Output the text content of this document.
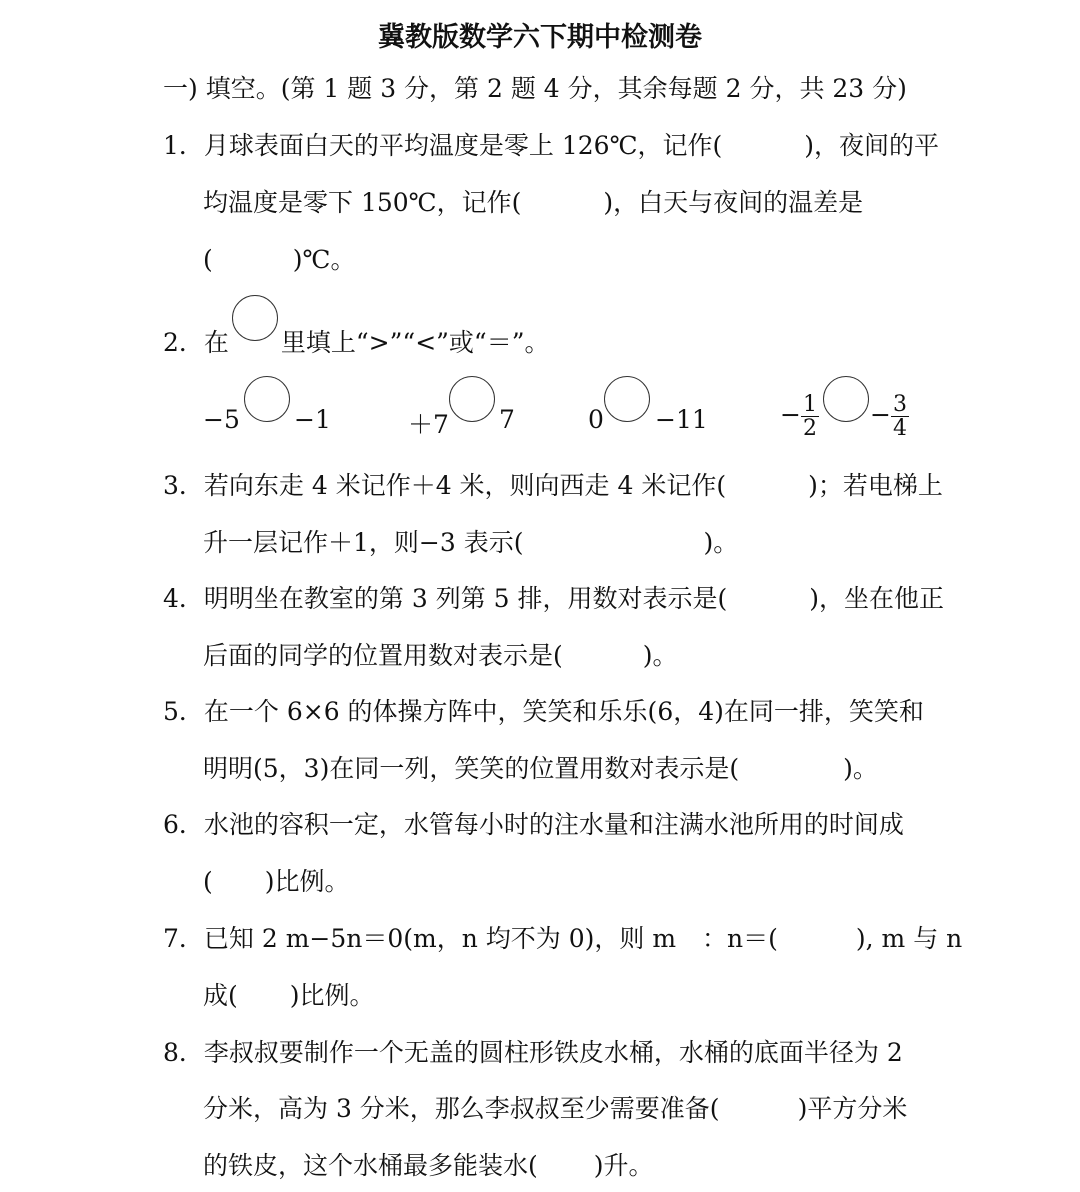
冀教版数学六下期中检测卷
一) 填空。(第 1 题 3 分，第 2 题 4 分，其余每题 2 分，共 23 分)
1．月球表面白天的平均温度是零上 126℃，记作(	)，夜间的平
均温度是零下 150℃，记作(	)，白天与夜间的温差是
(	)℃。
2．在 里填上“>”“<”或“＝”。
−5 −1	＋7 7	0 −11	− $\frac{1}{2} - \frac{3}{4}$
3．若向东走 4 米记作＋4 米，则向西走 4 米记作(	)；若电梯上
升一层记作＋1，则−3 表示(	)。
4．明明坐在教室的第 3 列第 5 排，用数对表示是(	)，坐在他正
后面的同学的位置用数对表示是(	)。
5．在一个 6×6 的体操方阵中，笑笑和乐乐(6，4)在同一排，笑笑和
明明(5，3)在同一列，笑笑的位置用数对表示是(	)。
6．水池的容积一定，水管每小时的注水量和注满水池所用的时间成
( )比例。
7．已知 2 m−5n＝0(m，n 均不为 0)，则 m ：n＝(	), m 与 n
成( )比例。
8．李叔叔要制作一个无盖的圆柱形铁皮水桶，水桶的底面半径为 2
分米，高为 3 分米，那么李叔叔至少需要准备(	)平方分米
的铁皮，这个水桶最多能装水( )升。
